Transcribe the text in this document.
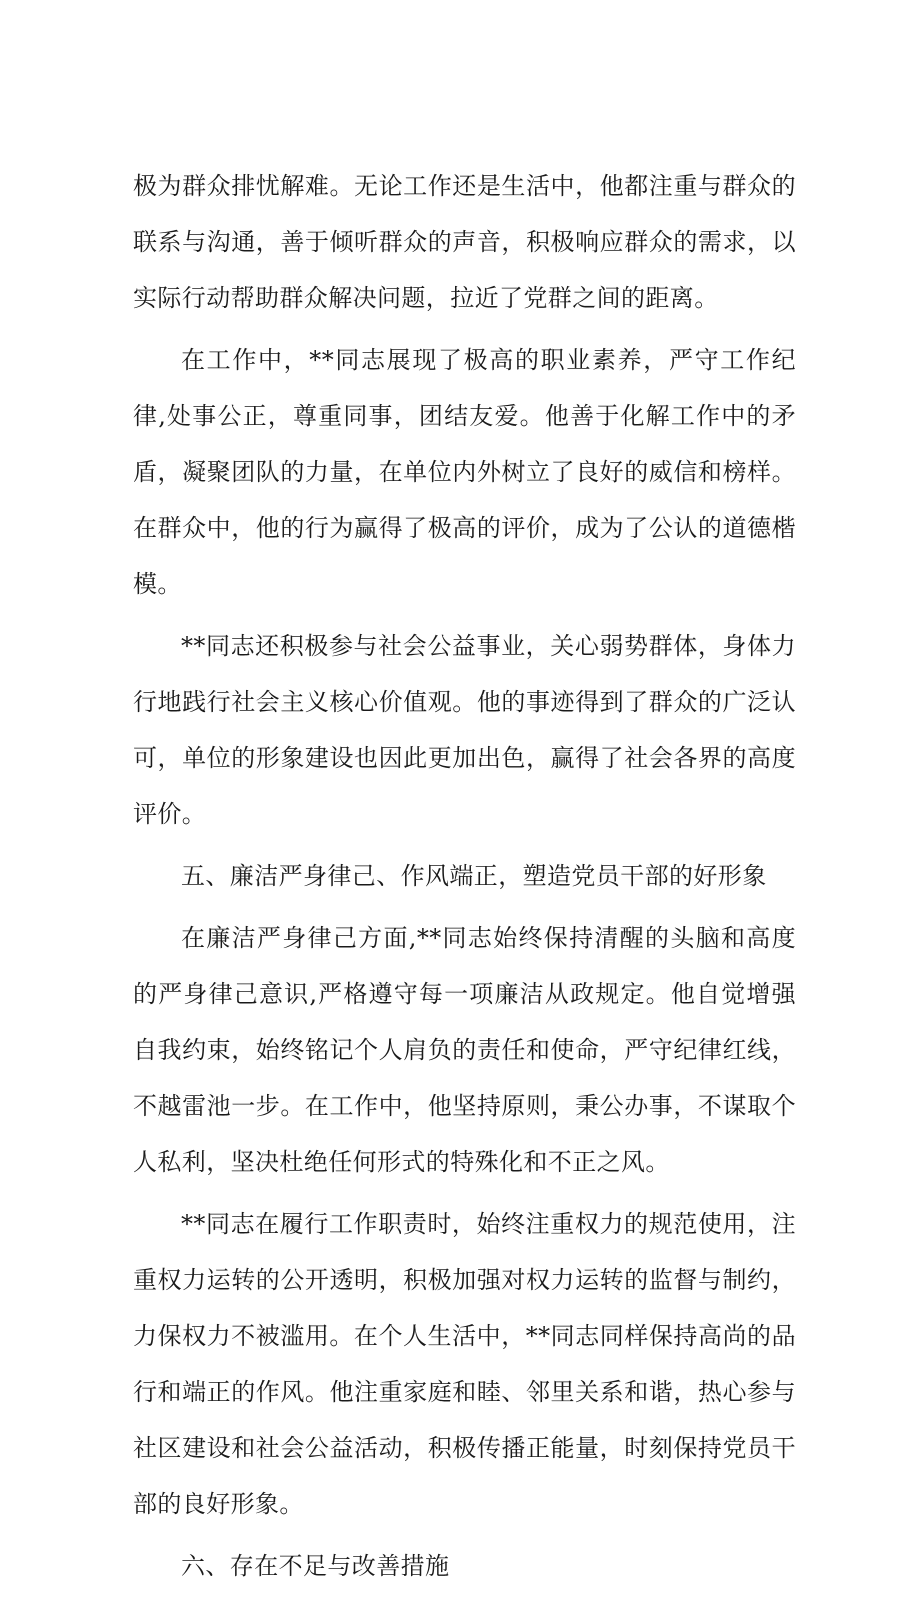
极为群众排忧解难。无论工作还是生活中，他都注重与群众的联系与沟通，善于倾听群众的声音，积极响应群众的需求，以实际行动帮助群众解决问题，拉近了党群之间的距离。

在工作中，**同志展现了极高的职业素养，严守工作纪律,处事公正，尊重同事，团结友爱。他善于化解工作中的矛盾，凝聚团队的力量，在单位内外树立了良好的威信和榜样。在群众中，他的行为赢得了极高的评价，成为了公认的道德楷模。

**同志还积极参与社会公益事业，关心弱势群体，身体力行地践行社会主义核心价值观。他的事迹得到了群众的广泛认可，单位的形象建设也因此更加出色，赢得了社会各界的高度评价。

五、廉洁严身律己、作风端正，塑造党员干部的好形象

在廉洁严身律己方面,**同志始终保持清醒的头脑和高度的严身律己意识,严格遵守每一项廉洁从政规定。他自觉增强自我约束，始终铭记个人肩负的责任和使命，严守纪律红线，不越雷池一步。在工作中，他坚持原则，秉公办事，不谋取个人私利，坚决杜绝任何形式的特殊化和不正之风。

**同志在履行工作职责时，始终注重权力的规范使用，注重权力运转的公开透明，积极加强对权力运转的监督与制约，力保权力不被滥用。在个人生活中，**同志同样保持高尚的品行和端正的作风。他注重家庭和睦、邻里关系和谐，热心参与社区建设和社会公益活动，积极传播正能量，时刻保持党员干部的良好形象。

六、存在不足与改善措施
